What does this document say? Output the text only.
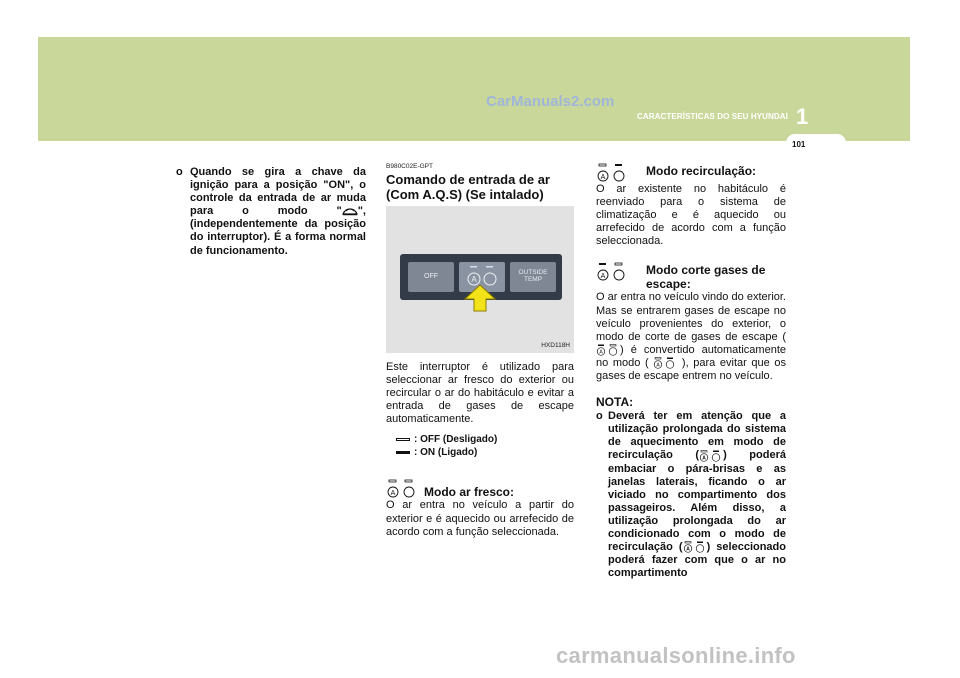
CarManuals2.com
CARACTERÍSTICAS DO SEU HYUNDAI 1
101
o Quando se gira a chave da ignição para a posição "ON", o controle da entrada de ar muda para o modo " ", (independentemente da posição do interruptor). É a forma normal de funcionamento.
B980C02E-GPT
Comando de entrada de ar (Com A.Q.S) (Se intalado)
OFF	A
OUTSIDE
TEMP
HXD118H
Este interruptor é utilizado para seleccionar ar fresco do exterior ou recircular o ar do habitáculo e evitar a entrada de gases de escape automaticamente.
: OFF (Desligado)
: ON (Ligado)
A Modo ar fresco:
O ar entra no veículo a partir do exterior e é aquecido ou arrefecido de acordo com a função seleccionada.
A	Modo recirculação:
O ar existente no habitáculo é reenviado para o sistema de climatização e é aquecido ou arrefecido de acordo com a função seleccionada.
A	Modo corte gases de
escape:
O ar entra no veículo vindo do exterior. Mas se entrarem gases de escape no veículo provenientes do exterior, o modo de corte de gases de escape (
A ) é convertido automaticamente no modo ( A ), para evitar que os gases de escape entrem no veículo.
NOTA:
o Deverá ter em atenção que a utilização prolongada do sistema de aquecimento em modo de recirculação ( A ) poderá embaciar o pára-brisas e as janelas laterais, ficando o ar viciado no compartimento dos passageiros. Além disso, a utilização prolongada do ar condicionado com o modo de recirculação ( A ) seleccionado poderá fazer com que o ar no compartimento
carmanualsonline.info
